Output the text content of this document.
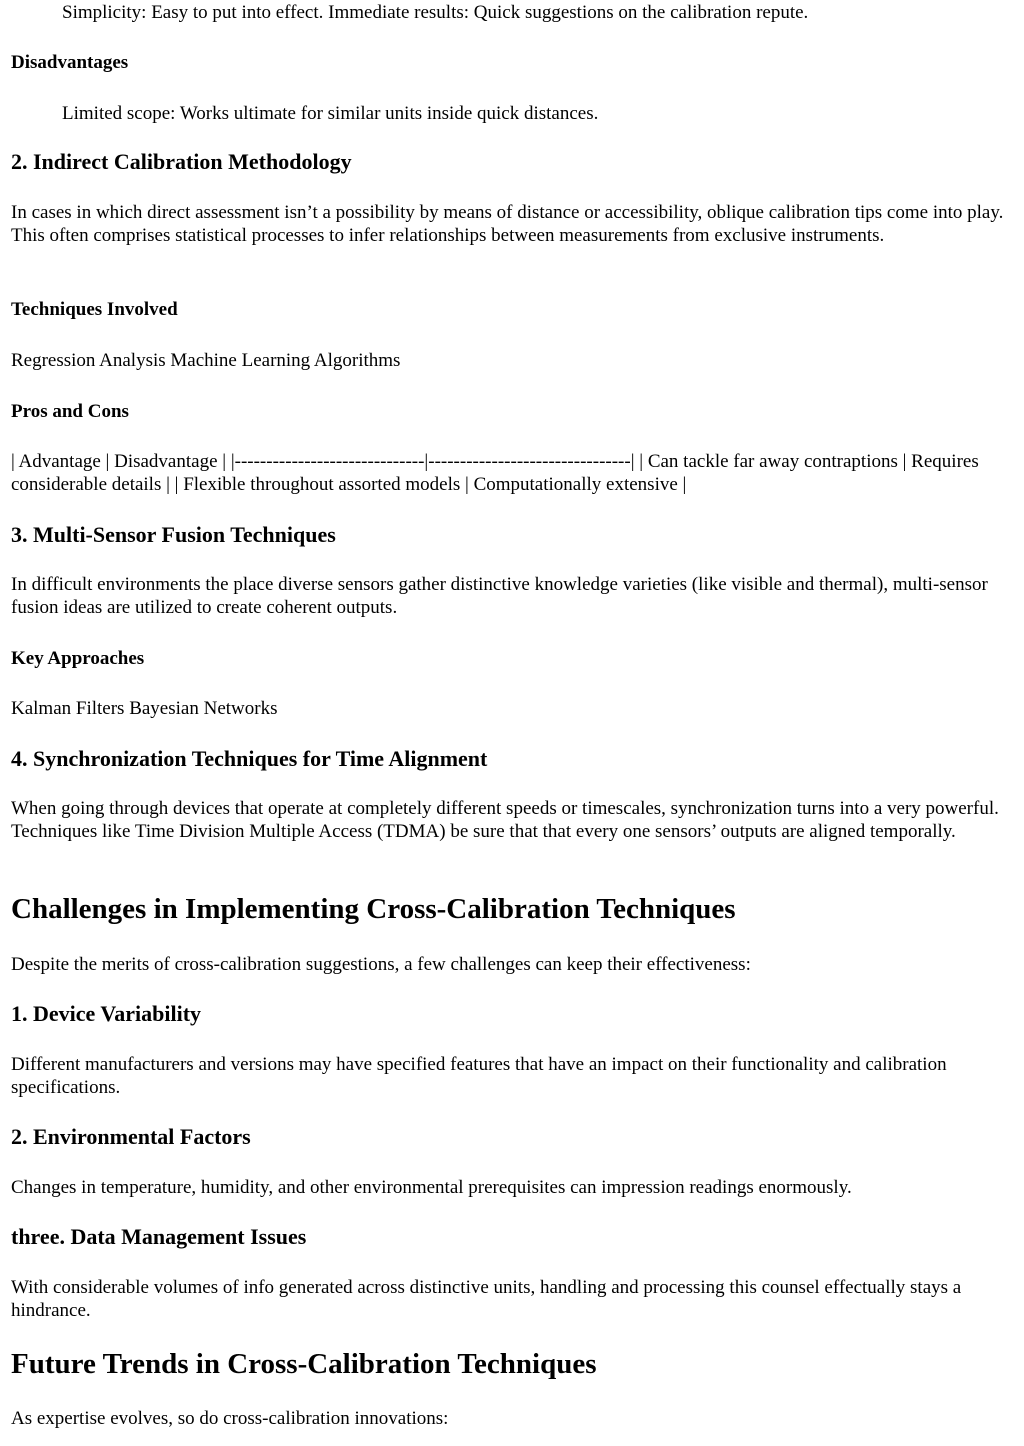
Simplicity: Easy to put into effect. Immediate results: Quick suggestions on the calibration repute.

Disadvantages

Limited scope: Works ultimate for similar units inside quick distances.

2. Indirect Calibration Methodology

In cases in which direct assessment isn’t a possibility by means of distance or accessibility, oblique calibration tips come into play. This often comprises statistical processes to infer relationships between measurements from exclusive instruments.

Techniques Involved

Regression Analysis Machine Learning Algorithms

Pros and Cons

| Advantage | Disadvantage | |------------------------------|--------------------------------| | Can tackle far away contraptions | Requires considerable details | | Flexible throughout assorted models | Computationally extensive |

3. Multi-Sensor Fusion Techniques

In difficult environments the place diverse sensors gather distinctive knowledge varieties (like visible and thermal), multi-sensor fusion ideas are utilized to create coherent outputs.

Key Approaches

Kalman Filters Bayesian Networks

4. Synchronization Techniques for Time Alignment

When going through devices that operate at completely different speeds or timescales, synchronization turns into a very powerful. Techniques like Time Division Multiple Access (TDMA) be sure that that every one sensors’ outputs are aligned temporally.

Challenges in Implementing Cross-Calibration Techniques

Despite the merits of cross-calibration suggestions, a few challenges can keep their effectiveness:

1. Device Variability

Different manufacturers and versions may have specified features that have an impact on their functionality and calibration specifications.

2. Environmental Factors

Changes in temperature, humidity, and other environmental prerequisites can impression readings enormously.

three. Data Management Issues

With considerable volumes of info generated across distinctive units, handling and processing this counsel effectually stays a hindrance.

Future Trends in Cross-Calibration Techniques

As expertise evolves, so do cross-calibration innovations:
